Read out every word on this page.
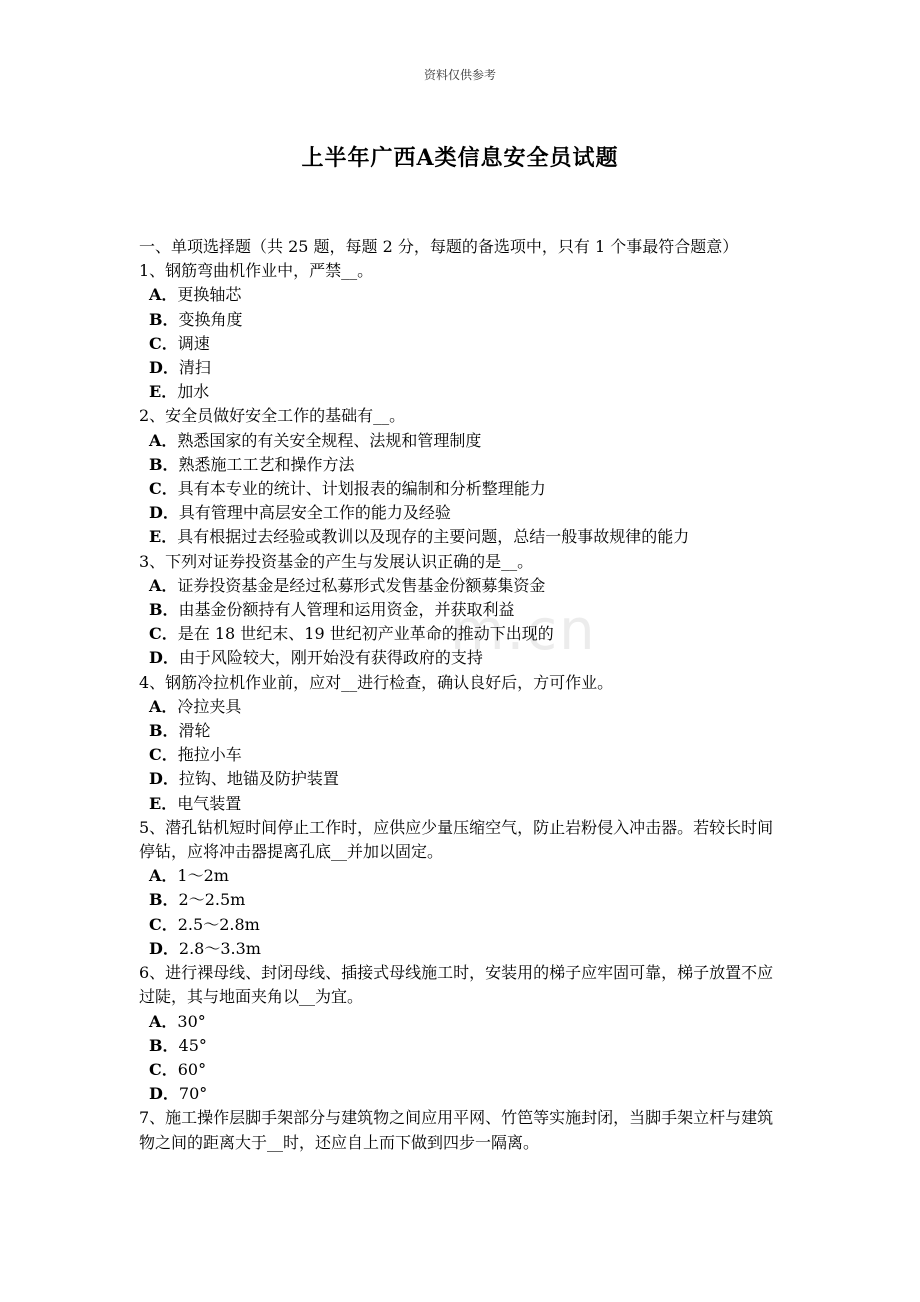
资料仅供参考
上半年广西A类信息安全员试题
m.cn

一、单项选择题（共 25 题，每题 2 分，每题的备选项中，只有 1 个事最符合题意）

1、钢筋弯曲机作业中，严禁__。

A．更换轴芯

B．变换角度

C．调速

D．清扫

E．加水

2、安全员做好安全工作的基础有__。

A．熟悉国家的有关安全规程、法规和管理制度

B．熟悉施工工艺和操作方法

C．具有本专业的统计、计划报表的编制和分析整理能力

D．具有管理中高层安全工作的能力及经验

E．具有根据过去经验或教训以及现存的主要问题，总结一般事故规律的能力

3、下列对证券投资基金的产生与发展认识正确的是__。

A．证券投资基金是经过私募形式发售基金份额募集资金

B．由基金份额持有人管理和运用资金，并获取利益

C．是在 18 世纪末、19 世纪初产业革命的推动下出现的

D．由于风险较大，刚开始没有获得政府的支持

4、钢筋冷拉机作业前，应对__进行检查，确认良好后，方可作业。

A．冷拉夹具

B．滑轮

C．拖拉小车

D．拉钩、地锚及防护装置

E．电气装置

5、潜孔钻机短时间停止工作时，应供应少量压缩空气，防止岩粉侵入冲击器。若较长时间停钻，应将冲击器提离孔底__并加以固定。

A．1～2m

B．2～2.5m

C．2.5～2.8m

D．2.8～3.3m

6、进行裸母线、封闭母线、插接式母线施工时，安装用的梯子应牢固可靠，梯子放置不应过陡，其与地面夹角以__为宜。

A．30°

B．45°

C．60°

D．70°

7、施工操作层脚手架部分与建筑物之间应用平网、竹笆等实施封闭，当脚手架立杆与建筑物之间的距离大于__时，还应自上而下做到四步一隔离。
